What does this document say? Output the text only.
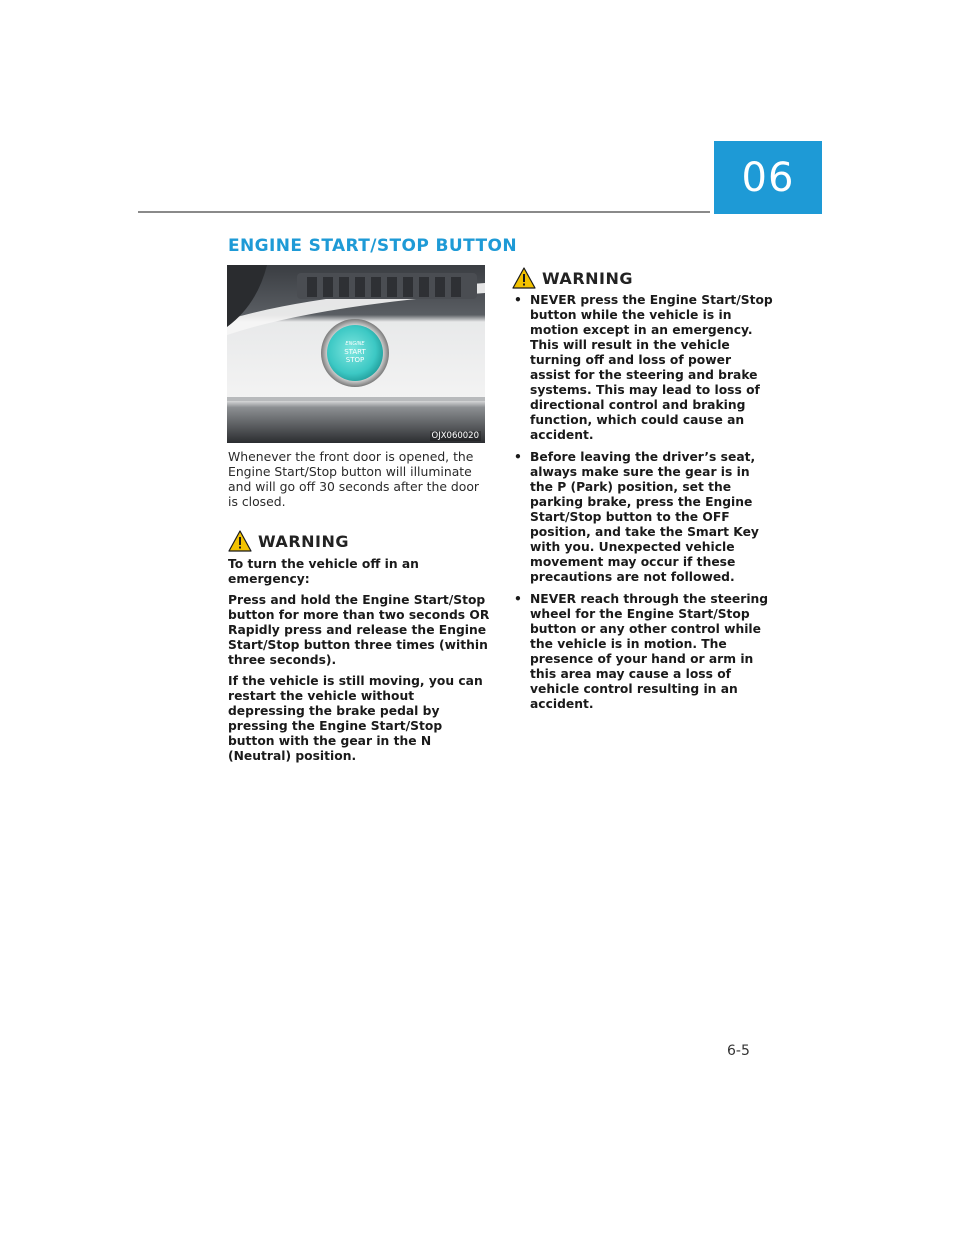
06
ENGINE START/STOP BUTTON
ENGINE
START
STOP
OJX060020
Whenever the front door is opened, the Engine Start/Stop button will illuminate and will go off 30 seconds after the door is closed.
WARNING

To turn the vehicle off in an emergency:

Press and hold the Engine Start/Stop button for more than two seconds OR Rapidly press and release the Engine Start/Stop button three times (within three seconds).

If the vehicle is still moving, you can restart the vehicle without depressing the brake pedal by pressing the Engine Start/Stop button with the gear in the N (Neutral) position.

WARNING
• NEVER press the Engine Start/Stop button while the vehicle is in motion except in an emergency. This will result in the vehicle turning off and loss of power assist for the steering and brake systems. This may lead to loss of directional control and braking function, which could cause an accident.
• Before leaving the driver’s seat, always make sure the gear is in the P (Park) position, set the parking brake, press the Engine Start/Stop button to the OFF position, and take the Smart Key with you. Unexpected vehicle movement may occur if these precautions are not followed.
• NEVER reach through the steering wheel for the Engine Start/Stop button or any other control while the vehicle is in motion. The presence of your hand or arm in this area may cause a loss of vehicle control resulting in an accident.
6-5
